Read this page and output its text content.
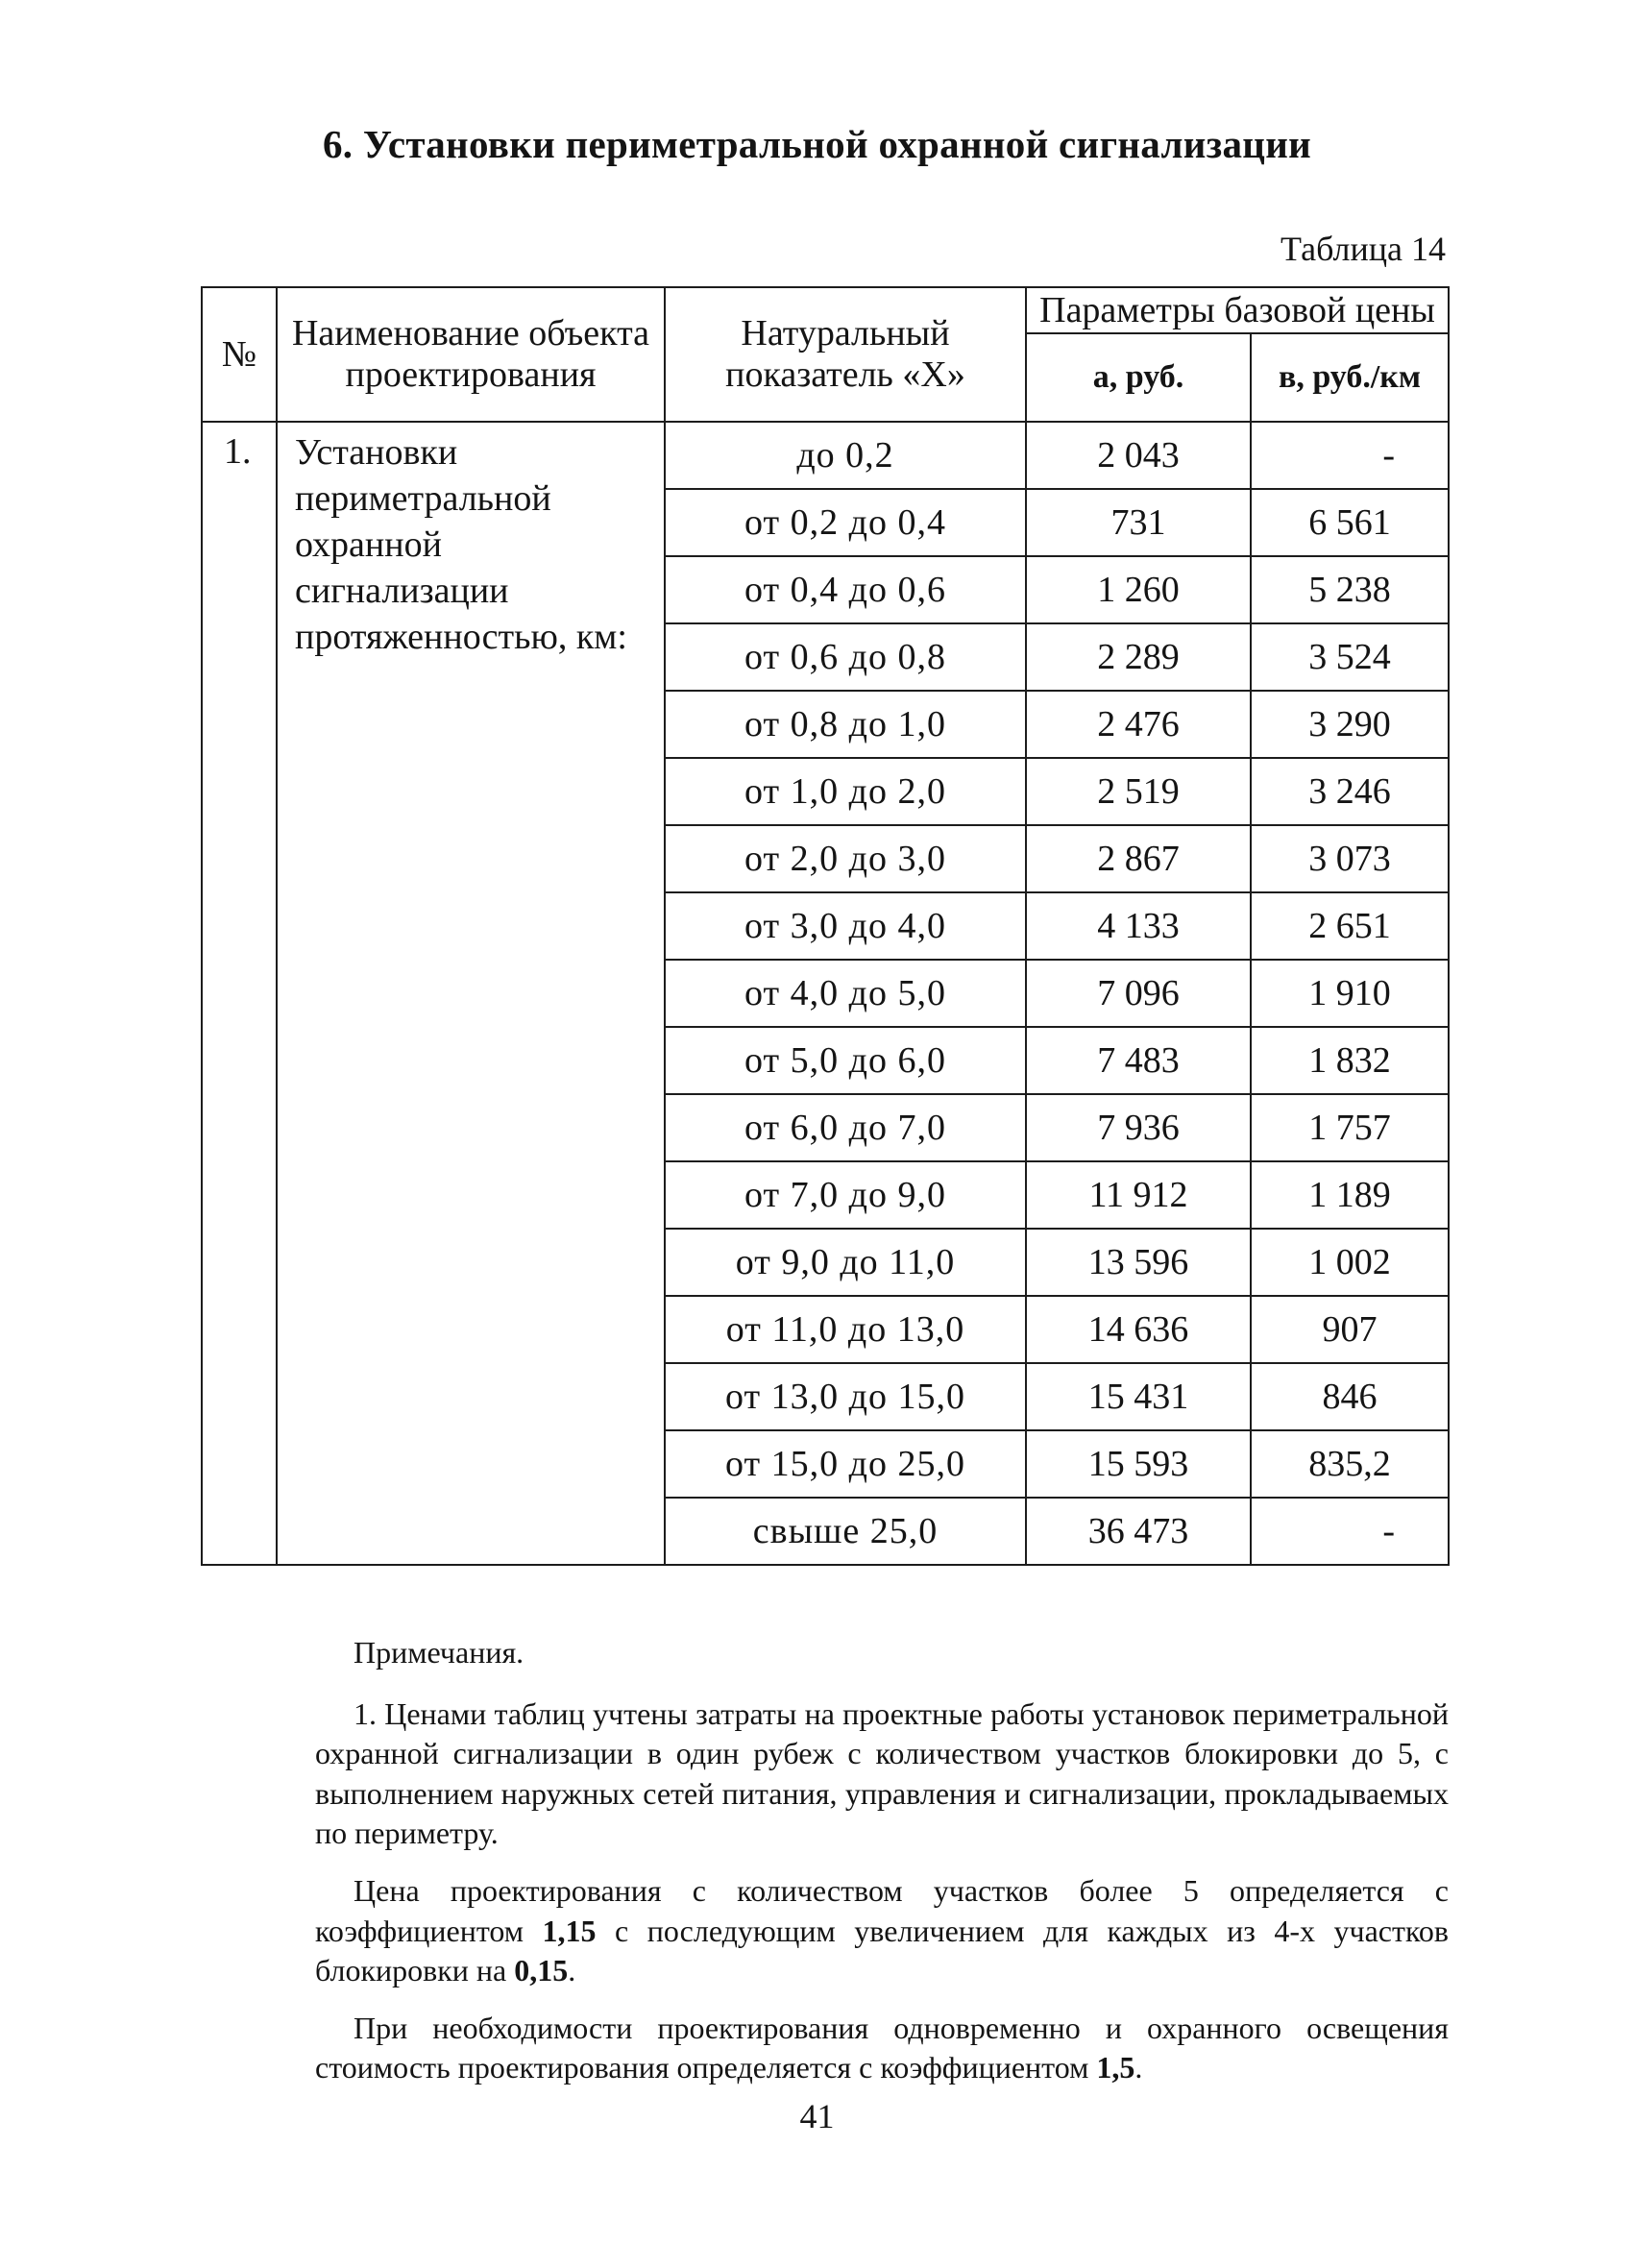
6. Установки периметральной охранной сигнализации
Таблица 14
№	Наименование объекта проектирования	Натуральный показатель «X»	Параметры базовой цены	
			а, руб.	в, руб./км
1.	Установки периметральной охранной сигнализации протяженностью, км:	до 0,2	2 043	-
		от 0,2 до 0,4	731	6 561
		от 0,4 до 0,6	1 260	5 238
		от 0,6 до 0,8	2 289	3 524
		от 0,8 до 1,0	2 476	3 290
		от 1,0 до 2,0	2 519	3 246
		от 2,0 до 3,0	2 867	3 073
		от 3,0 до 4,0	4 133	2 651
		от 4,0 до 5,0	7 096	1 910
		от 5,0 до 6,0	7 483	1 832
		от 6,0 до 7,0	7 936	1 757
		от 7,0 до 9,0	11 912	1 189
		от 9,0 до 11,0	13 596	1 002
		от 11,0 до 13,0	14 636	907
		от 13,0 до 15,0	15 431	846
		от 15,0 до 25,0	15 593	835,2
		свыше 25,0	36 473	-
Примечания.

1. Ценами таблиц учтены затраты на проектные работы установок периметральной охранной сигнализации в один рубеж с количеством участков блокировки до 5, с выполнением наружных сетей питания, управления и сигнализации, прокладываемых по периметру.

Цена проектирования с количеством участков более 5 определяется с коэффициентом 1,15 с последующим увеличением для каждых из 4-х участков блокировки на 0,15.

При необходимости проектирования одновременно и охранного освещения стоимость проектирования определяется с коэффициентом 1,5.

41
